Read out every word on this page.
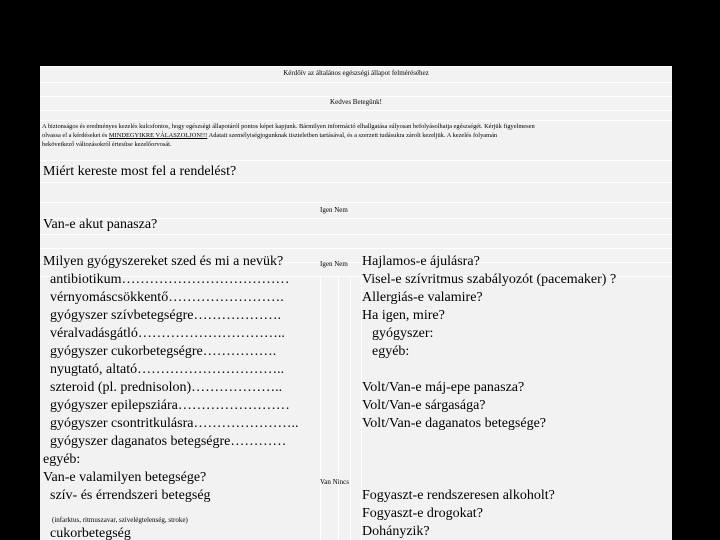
Kérdőív az általános egészségi állapot felméréséhez
Kedves Betegünk!
A biztonságos és eredményes kezelés kulcsfontos, hogy egészségi állapotáról pontos képet kapjunk. Bármilyen információ elhallgatása súlyosan befolyásolhatja egészségét. Kérjük figyelmesen
olvassa el a kérdéseket és MINDEGYIKRE VÁLASZOLJON!!! Adatait személyiségjogunknak tiszteletben tartásával, és a szerzett tudásukra zárolt kezeljük. A kezelés folyamán
bekövetkező változásokról értesítse kezelőorvosát.
Miért kereste most fel a rendelést?
Igen Nem
Van-e akut panasza?
Milyen gyógyszereket szed és mi a nevük?	Igen Nem
antibiotikum………………………………
vérnyomáscsökkentő…………………….
gyógyszer szívbetegségre……………….
véralvadásgátló…………………………..
gyógyszer cukorbetegségre…………….
nyugtató, altató…………………………..
szteroid (pl. prednisolon)………………..
gyógyszer epilepsziára……………………
gyógyszer csontritkulásra…………………..
gyógyszer daganatos betegségre…………
egyéb:
Van-e valamilyen betegsége?	Van Nincs
szív- és érrendszeri betegség
(infarktus, ritmuszavar, szívelégtelenség, stroke)
cukorbetegség
Hajlamos-e ájulásra?
Visel-e szívritmus szabályozót (pacemaker) ?
Allergiás-e valamire?
Ha igen, mire?
gyógyszer:
egyéb:
Volt/Van-e máj-epe panasza?
Volt/Van-e sárgasága?
Volt/Van-e daganatos betegsége?
Fogyaszt-e rendszeresen alkoholt?
Fogyaszt-e drogokat?
Dohányzik?
